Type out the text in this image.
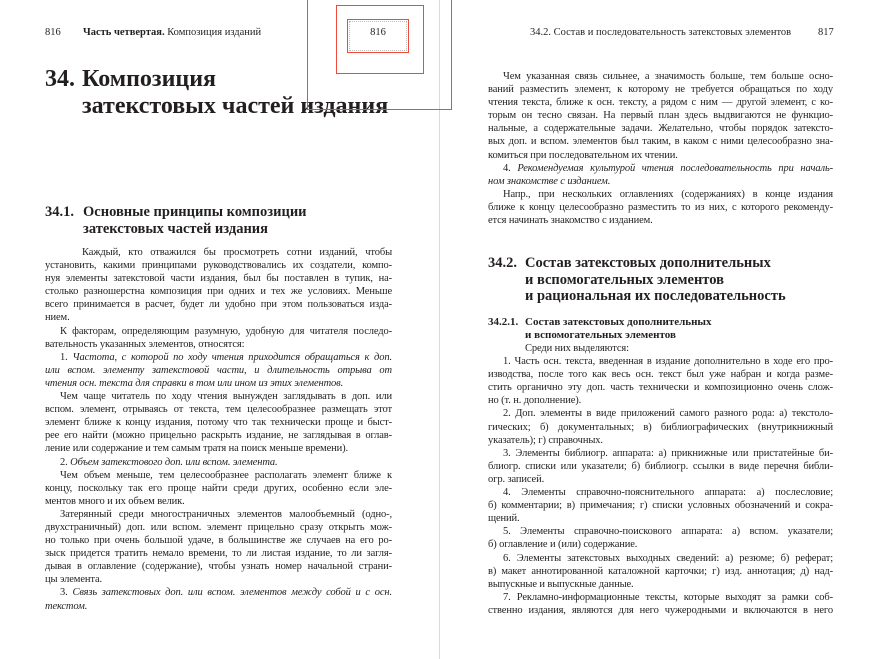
816 Часть четвертая. Композиция изданий
34. Композиция
затекстовых частей издания
34.1. Основные принципы композиции
затекстовых частей издания
Каждый, кто отважился бы просмотреть сотни изданий, чтобы
установить, какими принципами руководствовались их создатели, компо-
нуя элементы затекстовой части издания, был бы поставлен в тупик, на-
столько разношерстна композиция при одних и тех же условиях. Меньше
всего принимается в расчет, будет ли удобно при этом пользоваться изда-
нием.
К факторам, определяющим разумную, удобную для читателя последо-
вательность указанных элементов, относятся:
1. Частота, с которой по ходу чтения приходится обращаться к доп.
или вспом. элементу затекстовой части, и длительность отрыва от
чтения осн. текста для справки в том или ином из этих элементов.
Чем чаще читатель по ходу чтения вынужден заглядывать в доп. или
вспом. элемент, отрываясь от текста, тем целесообразнее размещать этот
элемент ближе к концу издания, потому что так технически проще и быст-
рее его найти (можно прицельно раскрыть издание, не заглядывая в оглав-
ление или содержание и тем самым тратя на поиск меньше времени).
2. Объем затекстового доп. или вспом. элемента.
Чем объем меньше, тем целесообразнее располагать элемент ближе к
концу, поскольку так его проще найти среди других, особенно если эле-
ментов много и их объем велик.
Затерянный среди многостраничных элементов малообъемный (одно-,
двухстраничный) доп. или вспом. элемент прицельно сразу открыть мож-
но только при очень большой удаче, в большинстве же случаев на его ро-
зыск придется тратить немало времени, то ли листая издание, то ли загля-
дывая в оглавление (содержание), чтобы узнать номер начальной страни-
цы элемента.
3. Связь затекстовых доп. или вспом. элементов между собой и с осн.
текстом.
34.2. Состав и последовательность затекстовых элементов	817
Чем указанная связь сильнее, а значимость больше, тем больше осно-
ваний разместить элемент, к которому не требуется обращаться по ходу
чтения текста, ближе к осн. тексту, а рядом с ним — другой элемент, с ко-
торым он тесно связан. На первый план здесь выдвигаются не функцио-
нальные, а содержательные задачи. Желательно, чтобы порядок затексто-
вых доп. и вспом. элементов был таким, в каком с ними целесообразно зна-
комиться при последовательном их чтении.
4. Рекомендуемая культурой чтения последовательность при началь-
ном знакомстве с изданием.
Напр., при нескольких оглавлениях (содержаниях) в конце издания
ближе к концу целесообразно разместить то из них, с которого рекоменду-
ется начинать знакомство с изданием.
34.2. Состав затекстовых дополнительных
и вспомогательных элементов
и рациональная их последовательность
34.2.1. Состав затекстовых дополнительных
и вспомогательных элементов
Среди них выделяются:
1. Часть осн. текста, введенная в издание дополнительно в ходе его про-
изводства, после того как весь осн. текст был уже набран и когда разме-
стить органично эту доп. часть технически и композиционно очень слож-
но (т. н. дополнение).
2. Доп. элементы в виде приложений самого разного рода: а) текстоло-
гических; б) документальных; в) библиографических (внутрикнижный
указатель); г) справочных.
3. Элементы библиогр. аппарата: а) прикнижные или пристатейные би-
блиогр. списки или указатели; б) библиогр. ссылки в виде перечня библи-
огр. записей.
4. Элементы справочно-пояснительного аппарата: а) послесловие;
б) комментарии; в) примечания; г) списки условных обозначений и сокра-
щений.
5. Элементы справочно-поискового аппарата: а) вспом. указатели;
б) оглавление и (или) содержание.
6. Элементы затекстовых выходных сведений: а) резюме; б) реферат;
в) макет аннотированной каталожной карточки; г) изд. аннотация; д) над-
выпускные и выпускные данные.
7. Рекламно-информационные тексты, которые выходят за рамки соб-
ственно издания, являются для него чужеродными и включаются в него
816
